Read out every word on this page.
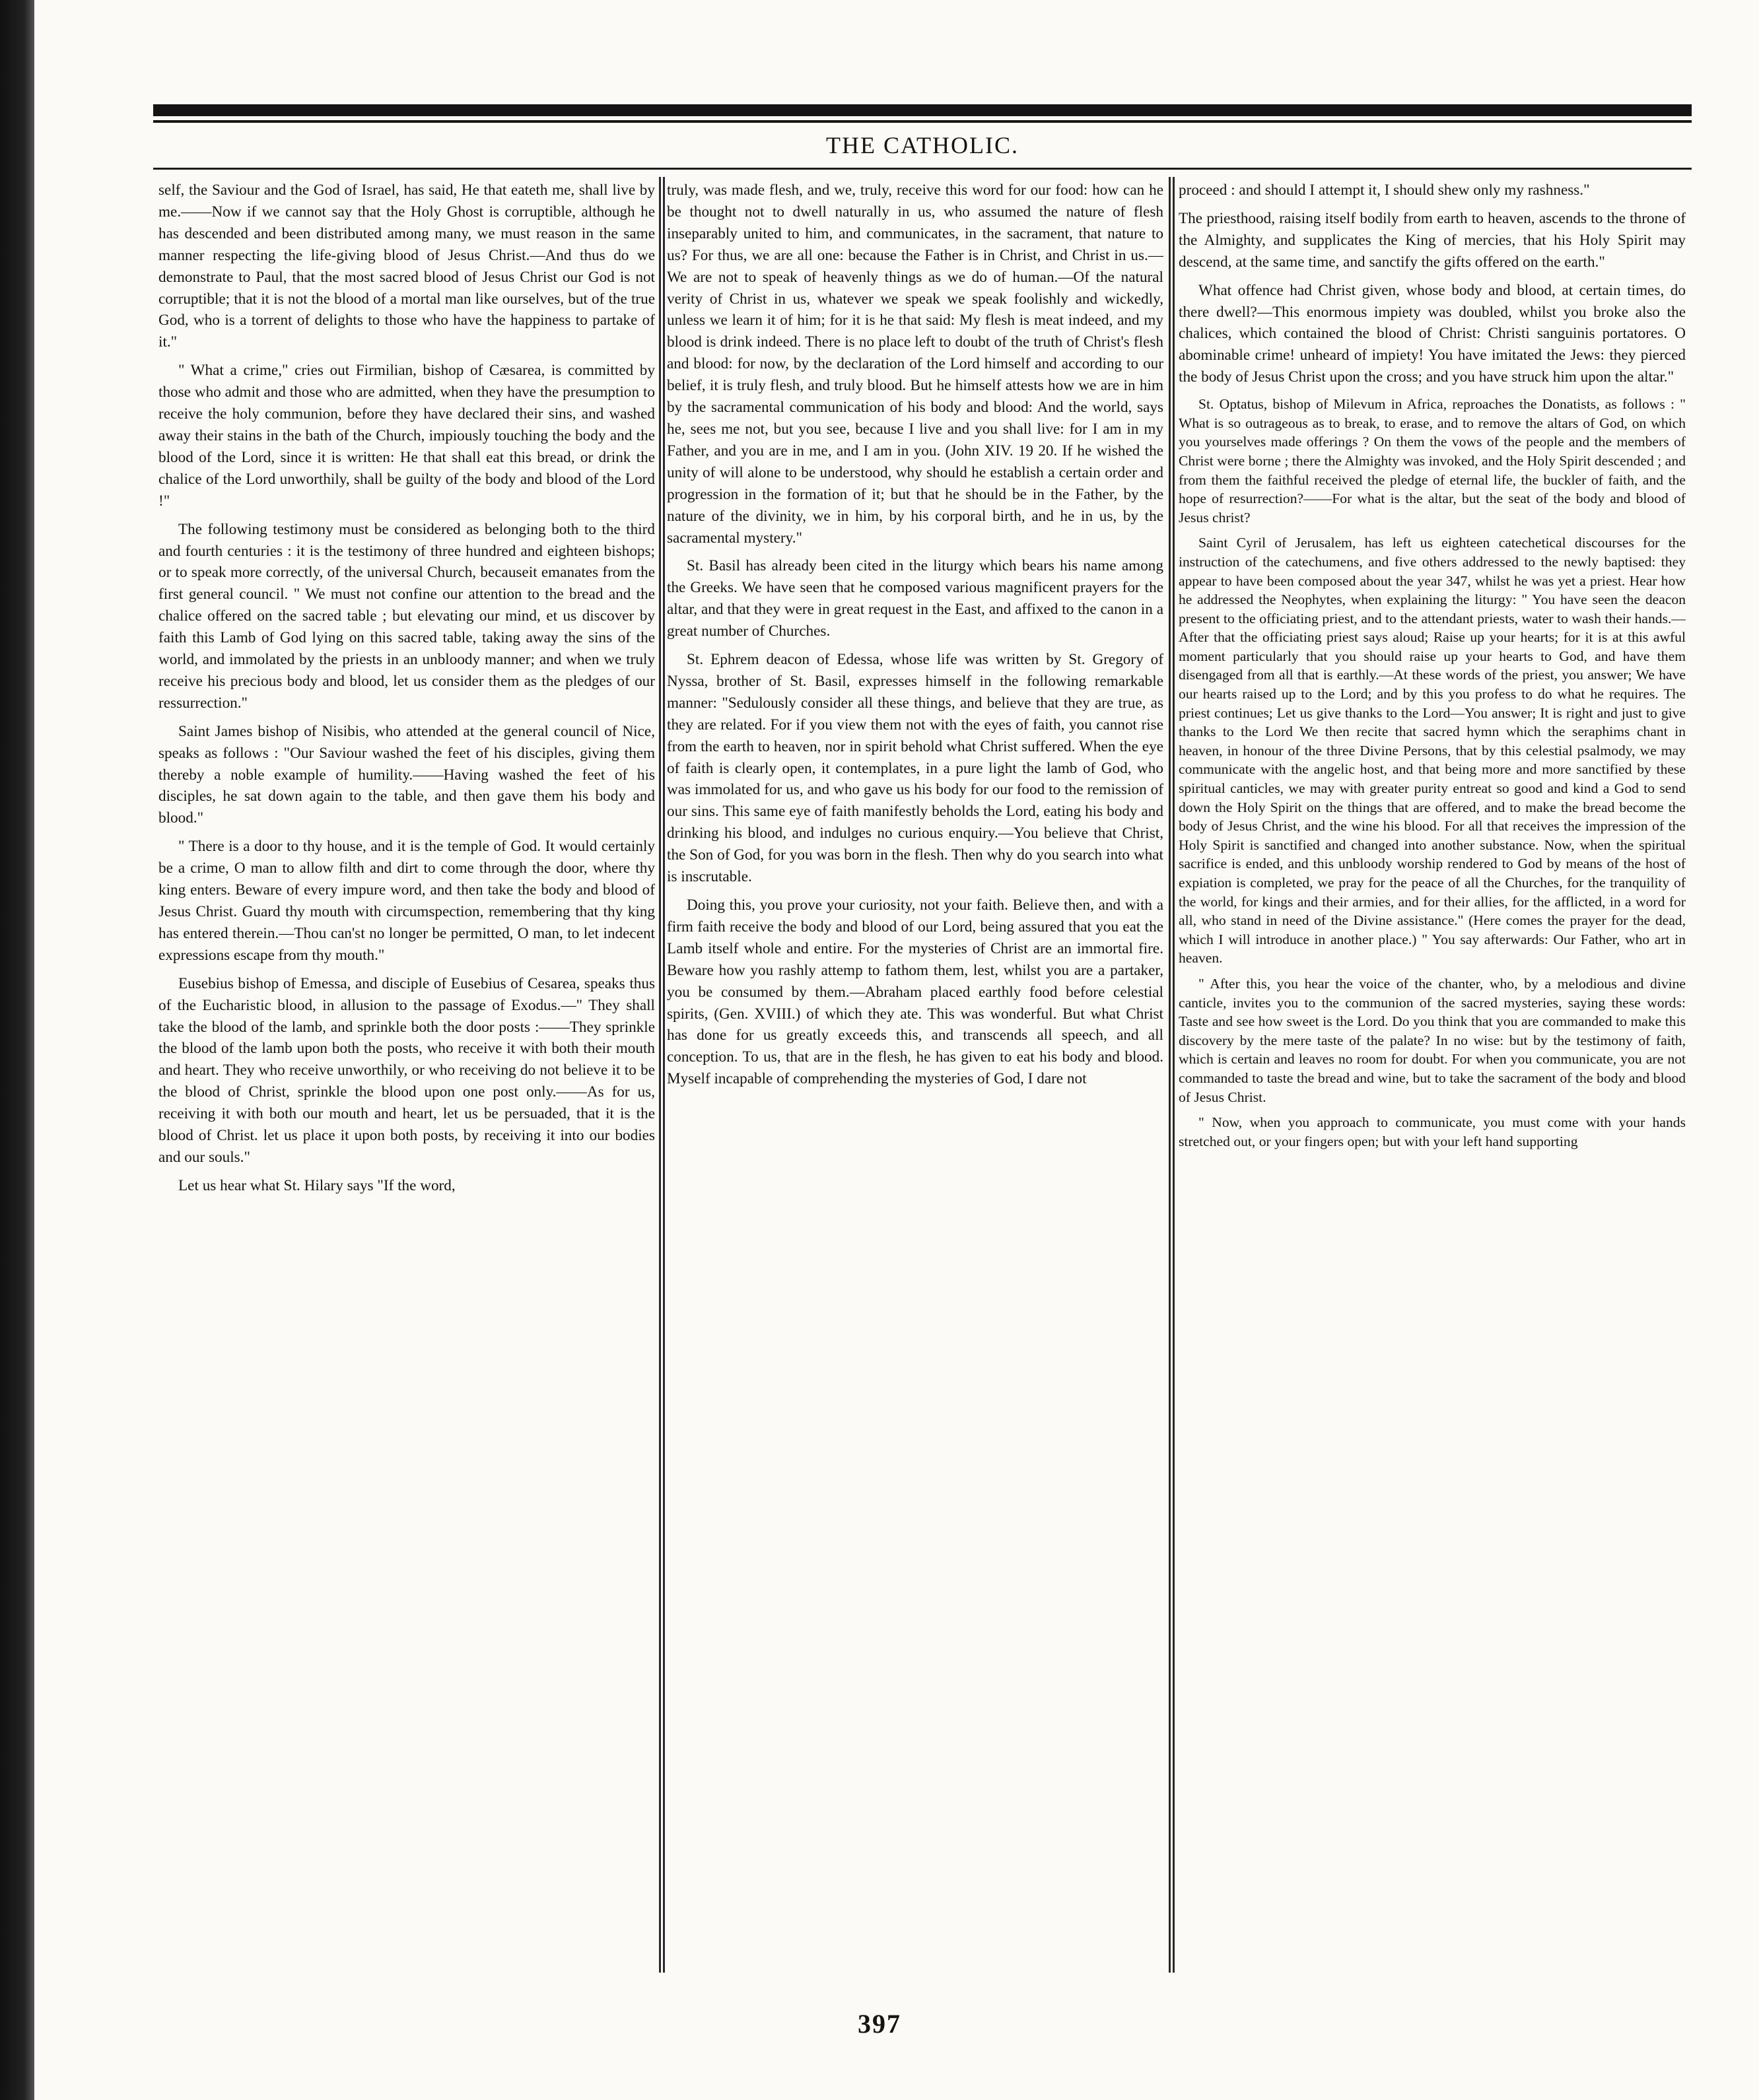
THE CATHOLIC.

self, the Saviour and the God of Israel, has said, He that eateth me, shall live by me.——Now if we cannot say that the Holy Ghost is corruptible, although he has descended and been distributed among many, we must reason in the same manner respecting the life-giving blood of Jesus Christ.—And thus do we demonstrate to Paul, that the most sacred blood of Jesus Christ our God is not corruptible; that it is not the blood of a mortal man like ourselves, but of the true God, who is a torrent of delights to those who have the happiness to partake of it."

" What a crime," cries out Firmilian, bishop of Cæsarea, is committed by those who admit and those who are admitted, when they have the presumption to receive the holy communion, before they have declared their sins, and washed away their stains in the bath of the Church, impiously touching the body and the blood of the Lord, since it is written: He that shall eat this bread, or drink the chalice of the Lord unworthily, shall be guilty of the body and blood of the Lord !"

The following testimony must be considered as belonging both to the third and fourth centuries : it is the testimony of three hundred and eighteen bishops; or to speak more correctly, of the universal Church, becauseit emanates from the first general council. " We must not confine our attention to the bread and the chalice offered on the sacred table ; but elevating our mind, et us discover by faith this Lamb of God lying on this sacred table, taking away the sins of the world, and immolated by the priests in an unbloody manner; and when we truly receive his precious body and blood, let us consider them as the pledges of our ressurrection."

Saint James bishop of Nisibis, who attended at the general council of Nice, speaks as follows : "Our Saviour washed the feet of his disciples, giving them thereby a noble example of humility.——Having washed the feet of his disciples, he sat down again to the table, and then gave them his body and blood."

" There is a door to thy house, and it is the temple of God. It would certainly be a crime, O man to allow filth and dirt to come through the door, where thy king enters. Beware of every impure word, and then take the body and blood of Jesus Christ. Guard thy mouth with circumspection, remembering that thy king has entered therein.—Thou can'st no longer be permitted, O man, to let indecent expressions escape from thy mouth."

Eusebius bishop of Emessa, and disciple of Eusebius of Cesarea, speaks thus of the Eucharistic blood, in allusion to the passage of Exodus.—" They shall take the blood of the lamb, and sprinkle both the door posts :——They sprinkle the blood of the lamb upon both the posts, who receive it with both their mouth and heart. They who receive unworthily, or who receiving do not believe it to be the blood of Christ, sprinkle the blood upon one post only.——As for us, receiving it with both our mouth and heart, let us be persuaded, that it is the blood of Christ. let us place it upon both posts, by receiving it into our bodies and our souls."

Let us hear what St. Hilary says "If the word,

truly, was made flesh, and we, truly, receive this word for our food: how can he be thought not to dwell naturally in us, who assumed the nature of flesh inseparably united to him, and communicates, in the sacrament, that nature to us? For thus, we are all one: because the Father is in Christ, and Christ in us.—We are not to speak of heavenly things as we do of human.—Of the natural verity of Christ in us, whatever we speak we speak foolishly and wickedly, unless we learn it of him; for it is he that said: My flesh is meat indeed, and my blood is drink indeed. There is no place left to doubt of the truth of Christ's flesh and blood: for now, by the declaration of the Lord himself and according to our belief, it is truly flesh, and truly blood. But he himself attests how we are in him by the sacramental communication of his body and blood: And the world, says he, sees me not, but you see, because I live and you shall live: for I am in my Father, and you are in me, and I am in you. (John XIV. 19 20. If he wished the unity of will alone to be understood, why should he establish a certain order and progression in the formation of it; but that he should be in the Father, by the nature of the divinity, we in him, by his corporal birth, and he in us, by the sacramental mystery."

St. Basil has already been cited in the liturgy which bears his name among the Greeks. We have seen that he composed various magnificent prayers for the altar, and that they were in great request in the East, and affixed to the canon in a great number of Churches.

St. Ephrem deacon of Edessa, whose life was written by St. Gregory of Nyssa, brother of St. Basil, expresses himself in the following remarkable manner: "Sedulously consider all these things, and believe that they are true, as they are related. For if you view them not with the eyes of faith, you cannot rise from the earth to heaven, nor in spirit behold what Christ suffered. When the eye of faith is clearly open, it contemplates, in a pure light the lamb of God, who was immolated for us, and who gave us his body for our food to the remission of our sins. This same eye of faith manifestly beholds the Lord, eating his body and drinking his blood, and indulges no curious enquiry.—You believe that Christ, the Son of God, for you was born in the flesh. Then why do you search into what is inscrutable.

Doing this, you prove your curiosity, not your faith. Believe then, and with a firm faith receive the body and blood of our Lord, being assured that you eat the Lamb itself whole and entire. For the mysteries of Christ are an immortal fire. Beware how you rashly attemp to fathom them, lest, whilst you are a partaker, you be consumed by them.—Abraham placed earthly food before celestial spirits, (Gen. XVIII.) of which they ate. This was wonderful. But what Christ has done for us greatly exceeds this, and transcends all speech, and all conception. To us, that are in the flesh, he has given to eat his body and blood. Myself incapable of comprehending the mysteries of God, I dare not

proceed : and should I attempt it, I should shew only my rashness."

The priesthood, raising itself bodily from earth to heaven, ascends to the throne of the Almighty, and supplicates the King of mercies, that his Holy Spirit may descend, at the same time, and sanctify the gifts offered on the earth."

What offence had Christ given, whose body and blood, at certain times, do there dwell?—This enormous impiety was doubled, whilst you broke also the chalices, which contained the blood of Christ: Christi sanguinis portatores. O abominable crime! unheard of impiety! You have imitated the Jews: they pierced the body of Jesus Christ upon the cross; and you have struck him upon the altar."

St. Optatus, bishop of Milevum in Africa, reproaches the Donatists, as follows : " What is so outrageous as to break, to erase, and to remove the altars of God, on which you yourselves made offerings ? On them the vows of the people and the members of Christ were borne ; there the Almighty was invoked, and the Holy Spirit descended ; and from them the faithful received the pledge of eternal life, the buckler of faith, and the hope of resurrection?——For what is the altar, but the seat of the body and blood of Jesus christ?

Saint Cyril of Jerusalem, has left us eighteen catechetical discourses for the instruction of the catechumens, and five others addressed to the newly baptised: they appear to have been composed about the year 347, whilst he was yet a priest. Hear how he addressed the Neophytes, when explaining the liturgy: " You have seen the deacon present to the officiating priest, and to the attendant priests, water to wash their hands.—After that the officiating priest says aloud; Raise up your hearts; for it is at this awful moment particularly that you should raise up your hearts to God, and have them disengaged from all that is earthly.—At these words of the priest, you answer; We have our hearts raised up to the Lord; and by this you profess to do what he requires. The priest continues; Let us give thanks to the Lord—You answer; It is right and just to give thanks to the Lord We then recite that sacred hymn which the seraphims chant in heaven, in honour of the three Divine Persons, that by this celestial psalmody, we may communicate with the angelic host, and that being more and more sanctified by these spiritual canticles, we may with greater purity entreat so good and kind a God to send down the Holy Spirit on the things that are offered, and to make the bread become the body of Jesus Christ, and the wine his blood. For all that receives the impression of the Holy Spirit is sanctified and changed into another substance. Now, when the spiritual sacrifice is ended, and this unbloody worship rendered to God by means of the host of expiation is completed, we pray for the peace of all the Churches, for the tranquility of the world, for kings and their armies, and for their allies, for the afflicted, in a word for all, who stand in need of the Divine assistance." (Here comes the prayer for the dead, which I will introduce in another place.) " You say afterwards: Our Father, who art in heaven.

" After this, you hear the voice of the chanter, who, by a melodious and divine canticle, invites you to the communion of the sacred mysteries, saying these words: Taste and see how sweet is the Lord. Do you think that you are commanded to make this discovery by the mere taste of the palate? In no wise: but by the testimony of faith, which is certain and leaves no room for doubt. For when you communicate, you are not commanded to taste the bread and wine, but to take the sacrament of the body and blood of Jesus Christ.

" Now, when you approach to communicate, you must come with your hands stretched out, or your fingers open; but with your left hand supporting

397
